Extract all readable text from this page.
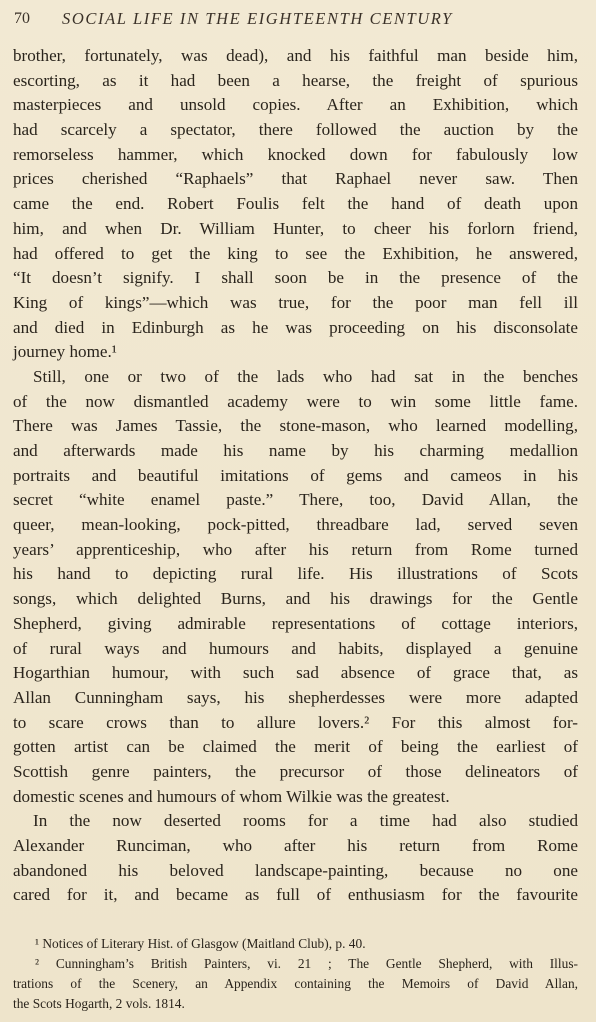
70 SOCIAL LIFE IN THE EIGHTEENTH CENTURY
brother, fortunately, was dead), and his faithful man beside him,
escorting, as it had been a hearse, the freight of spurious
masterpieces and unsold copies. After an Exhibition, which
had scarcely a spectator, there followed the auction by the
remorseless hammer, which knocked down for fabulously low
prices cherished “Raphaels” that Raphael never saw. Then
came the end. Robert Foulis felt the hand of death upon
him, and when Dr. William Hunter, to cheer his forlorn friend,
had offered to get the king to see the Exhibition, he answered,
“It doesn’t signify. I shall soon be in the presence of the
King of kings”—which was true, for the poor man fell ill
and died in Edinburgh as he was proceeding on his disconsolate
journey home.¹
Still, one or two of the lads who had sat in the benches
of the now dismantled academy were to win some little fame.
There was James Tassie, the stone-mason, who learned modelling,
and afterwards made his name by his charming medallion
portraits and beautiful imitations of gems and cameos in his
secret “white enamel paste.” There, too, David Allan, the
queer, mean-looking, pock-pitted, threadbare lad, served seven
years’ apprenticeship, who after his return from Rome turned
his hand to depicting rural life. His illustrations of Scots
songs, which delighted Burns, and his drawings for the Gentle
Shepherd, giving admirable representations of cottage interiors,
of rural ways and humours and habits, displayed a genuine
Hogarthian humour, with such sad absence of grace that, as
Allan Cunningham says, his shepherdesses were more adapted
to scare crows than to allure lovers.² For this almost for-
gotten artist can be claimed the merit of being the earliest of
Scottish genre painters, the precursor of those delineators of
domestic scenes and humours of whom Wilkie was the greatest.
In the now deserted rooms for a time had also studied
Alexander Runciman, who after his return from Rome
abandoned his beloved landscape-painting, because no one
cared for it, and became as full of enthusiasm for the favourite
¹ Notices of Literary Hist. of Glasgow (Maitland Club), p. 40.
² Cunningham’s British Painters, vi. 21 ; The Gentle Shepherd, with Illus-
trations of the Scenery, an Appendix containing the Memoirs of David Allan,
the Scots Hogarth, 2 vols. 1814.
